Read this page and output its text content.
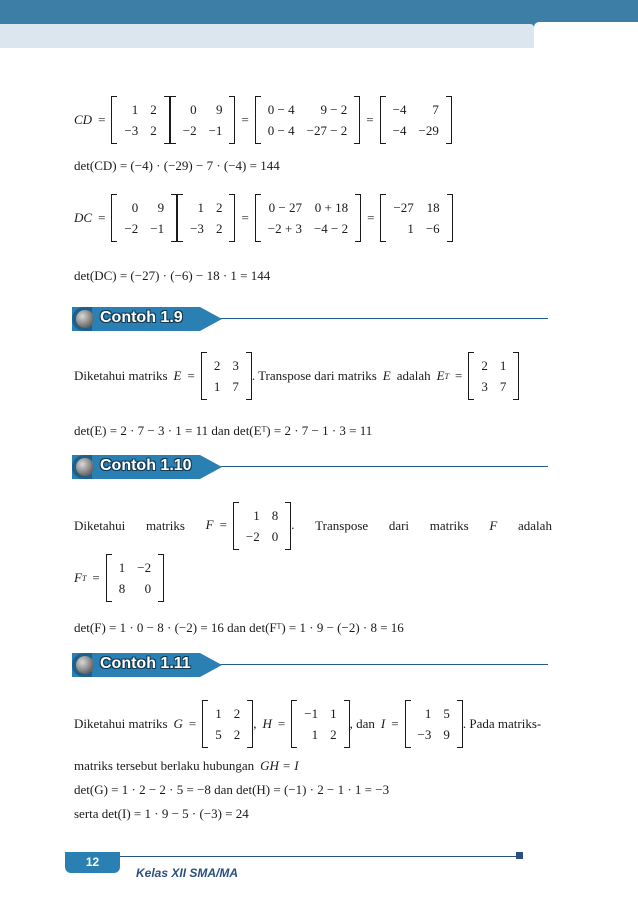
CD =
1	2
−3	2
0	9
−2	−1
=
0 − 4	9 − 2
0 − 4	−27 − 2
=
−4	7
−4	−29
det(CD) = (−4) · (−29) − 7 · (−4) = 144
DC =
0	9
−2	−1
1	2
−3	2
=
0 − 27	0 + 18
−2 + 3	−4 − 2
=
−27	18
1	−6
det(DC) = (−27) · (−6) − 18 · 1 = 144
Contoh 1.9
Diketahui matriks E =
2	3
1	7
. Transpose dari matriks E adalah E T =
2	1
3	7
det(E) = 2 · 7 − 3 · 1 = 11 dan det(Eᵀ) = 2 · 7 − 1 · 3 = 11
Contoh 1.10
Diketahui matriks F =
1	8
−2	0
. Transpose dari matriks F adalah
F T =
1	−2
8	0
det(F) = 1 · 0 − 8 · (−2) = 16 dan det(Fᵀ) = 1 · 9 − (−2) · 8 = 16
Contoh 1.11
Diketahui matriks G =
1	2
5	2
, H =
−1	1
1	2
, dan I =
1	5
−3	9
. Pada matriks-
matriks tersebut berlaku hubungan GH = I
det(G) = 1 · 2 − 2 · 5 = −8 dan det(H) = (−1) · 2 − 1 · 1 = −3
serta det(I) = 1 · 9 − 5 · (−3) = 24
12
Kelas XII SMA/MA
